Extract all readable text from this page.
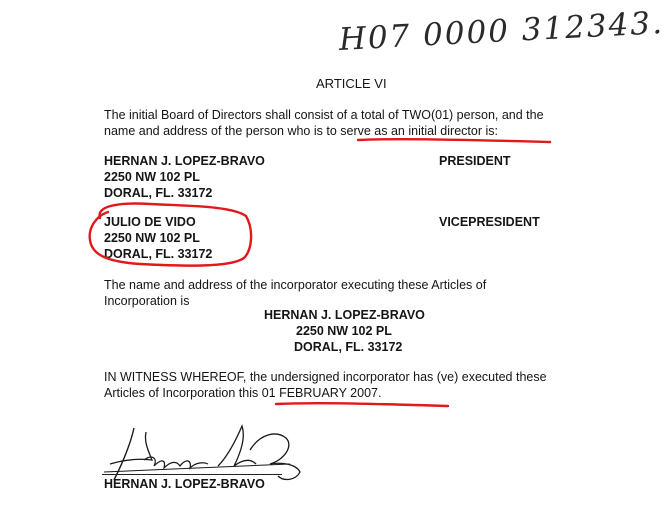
H07 0000 312343.
ARTICLE VI
The initial Board of Directors shall consist of a total of TWO(01) person, and the
name and address of the person who is to serve as an initial director is:
HERNAN J. LOPEZ-BRAVO
2250 NW 102 PL
DORAL, FL. 33172
PRESIDENT
JULIO DE VIDO
2250 NW 102 PL
DORAL, FL. 33172
VICEPRESIDENT
The name and address of the incorporator executing these Articles of
Incorporation is
HERNAN J. LOPEZ-BRAVO
2250 NW 102 PL
DORAL, FL. 33172
IN WITNESS WHEREOF, the undersigned incorporator has (ve) executed these
Articles of Incorporation this 01 FEBRUARY 2007.
HERNAN J. LOPEZ-BRAVO
